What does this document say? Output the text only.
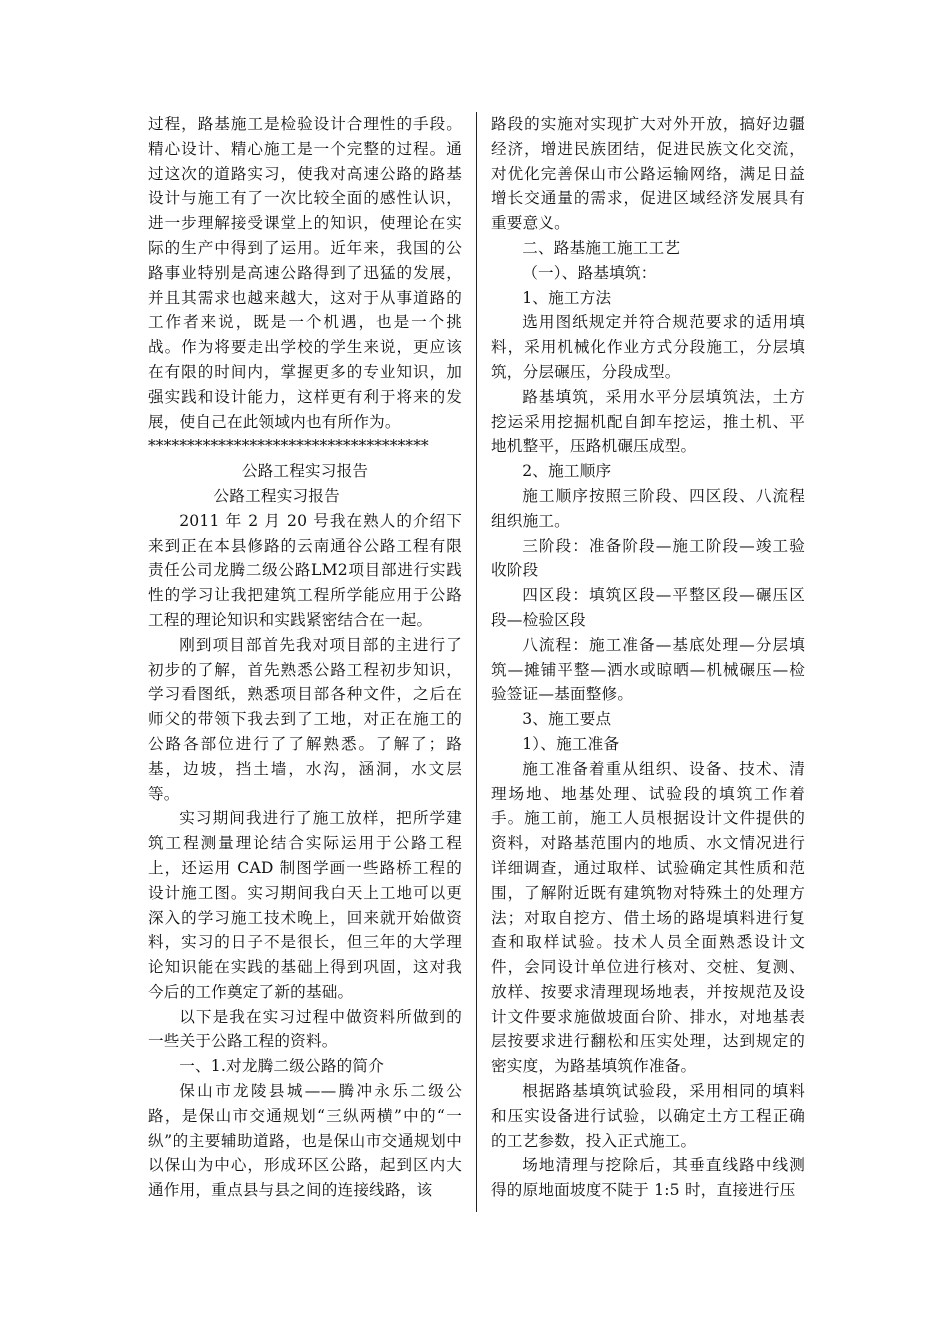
过程，路基施工是检验设计合理性的手段。精心设计、精心施工是一个完整的过程。通过这次的道路实习，使我对高速公路的路基设计与施工有了一次比较全面的感性认识，进一步理解接受课堂上的知识，使理论在实际的生产中得到了运用。近年来，我国的公路事业特别是高速公路得到了迅猛的发展，并且其需求也越来越大，这对于从事道路的工作者来说，既是一个机遇，也是一个挑战。作为将要走出学校的学生来说，更应该在有限的时间内，掌握更多的专业知识，加强实践和设计能力，这样更有利于将来的发展，使自己在此领域内也有所作为。

************************************

公路工程实习报告

公路工程实习报告

2011 年 2 月 20 号我在熟人的介绍下来到正在本县修路的云南通谷公路工程有限责任公司龙腾二级公路LM2项目部进行实践性的学习让我把建筑工程所学能应用于公路工程的理论知识和实践紧密结合在一起。

刚到项目部首先我对项目部的主进行了初步的了解，首先熟悉公路工程初步知识，学习看图纸，熟悉项目部各种文件，之后在师父的带领下我去到了工地，对正在施工的公路各部位进行了了解熟悉。了解了；路基，边坡，挡土墙，水沟，涵洞，水文层等。

实习期间我进行了施工放样，把所学建筑工程测量理论结合实际运用于公路工程上，还运用 CAD 制图学画一些路桥工程的设计施工图。实习期间我白天上工地可以更深入的学习施工技术晚上，回来就开始做资料，实习的日子不是很长，但三年的大学理论知识能在实践的基础上得到巩固，这对我今后的工作奠定了新的基础。

以下是我在实习过程中做资料所做到的一些关于公路工程的资料。

一、1.对龙腾二级公路的简介

保山市龙陵县城——腾冲永乐二级公路，是保山市交通规划“三纵两横”中的“一纵”的主要辅助道路，也是保山市交通规划中以保山为中心，形成环区公路，起到区内大通作用，重点县与县之间的连接线路，该

路段的实施对实现扩大对外开放，搞好边疆经济，增进民族团结，促进民族文化交流，对优化完善保山市公路运输网络，满足日益增长交通量的需求，促进区域经济发展具有重要意义。

二、路基施工施工工艺

（一）、路基填筑：

1、施工方法

选用图纸规定并符合规范要求的适用填料，采用机械化作业方式分段施工，分层填筑，分层碾压，分段成型。

路基填筑，采用水平分层填筑法，土方挖运采用挖掘机配自卸车挖运，推土机、平地机整平，压路机碾压成型。

2、施工顺序

施工顺序按照三阶段、四区段、八流程组织施工。

三阶段：准备阶段—施工阶段—竣工验收阶段

四区段：填筑区段—平整区段—碾压区段—检验区段

八流程：施工准备—基底处理—分层填筑—摊铺平整—洒水或晾晒—机械碾压—检验签证—基面整修。

3、施工要点

1）、施工准备

施工准备着重从组织、设备、技术、清理场地、地基处理、试验段的填筑工作着手。施工前，施工人员根据设计文件提供的资料，对路基范围内的地质、水文情况进行详细调查，通过取样、试验确定其性质和范围，了解附近既有建筑物对特殊土的处理方法；对取自挖方、借土场的路堤填料进行复查和取样试验。技术人员全面熟悉设计文件，会同设计单位进行核对、交桩、复测、放样、按要求清理现场地表，并按规范及设计文件要求施做坡面台阶、排水，对地基表层按要求进行翻松和压实处理，达到规定的密实度，为路基填筑作准备。

根据路基填筑试验段，采用相同的填料和压实设备进行试验，以确定土方工程正确的工艺参数，投入正式施工。

场地清理与挖除后，其垂直线路中线测得的原地面坡度不陡于 1:5 时，直接进行压
